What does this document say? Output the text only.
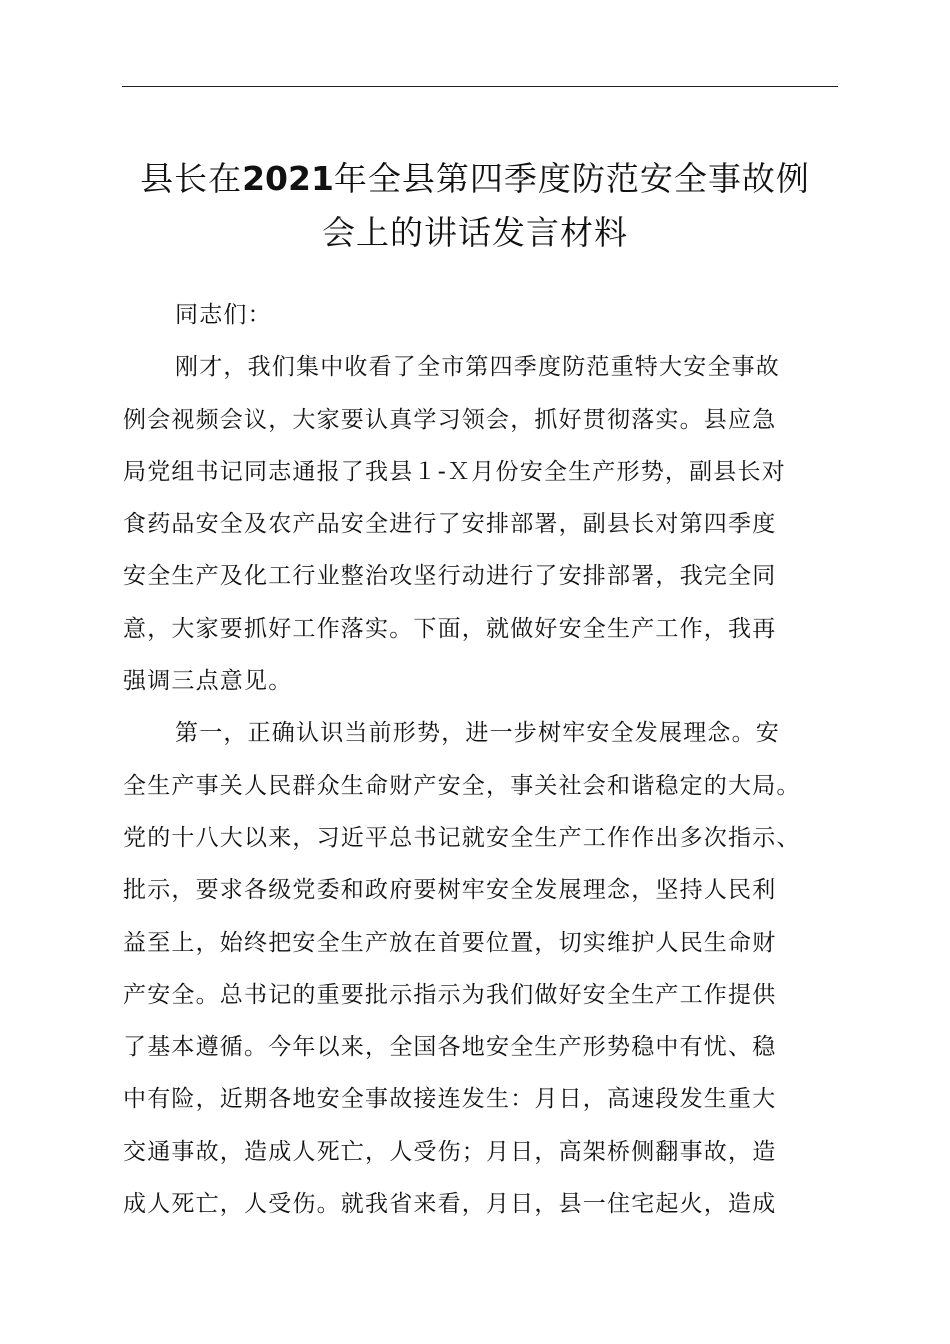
县长在2021年全县第四季度防范安全事故例
会上的讲话发言材料
同志们：
刚才，我们集中收看了全市第四季度防范重特大安全事故
例会视频会议，大家要认真学习领会，抓好贯彻落实。县应急
局党组书记同志通报了我县１-Ｘ月份安全生产形势，副县长对
食药品安全及农产品安全进行了安排部署，副县长对第四季度
安全生产及化工行业整治攻坚行动进行了安排部署，我完全同
意，大家要抓好工作落实。下面，就做好安全生产工作，我再
强调三点意见。
第一，正确认识当前形势，进一步树牢安全发展理念。安
全生产事关人民群众生命财产安全，事关社会和谐稳定的大局。
党的十八大以来，习近平总书记就安全生产工作作出多次指示、
批示，要求各级党委和政府要树牢安全发展理念，坚持人民利
益至上，始终把安全生产放在首要位置，切实维护人民生命财
产安全。总书记的重要批示指示为我们做好安全生产工作提供
了基本遵循。今年以来，全国各地安全生产形势稳中有忧、稳
中有险，近期各地安全事故接连发生：月日，高速段发生重大
交通事故，造成人死亡，人受伤；月日，高架桥侧翻事故，造
成人死亡，人受伤。就我省来看，月日，县一住宅起火，造成
